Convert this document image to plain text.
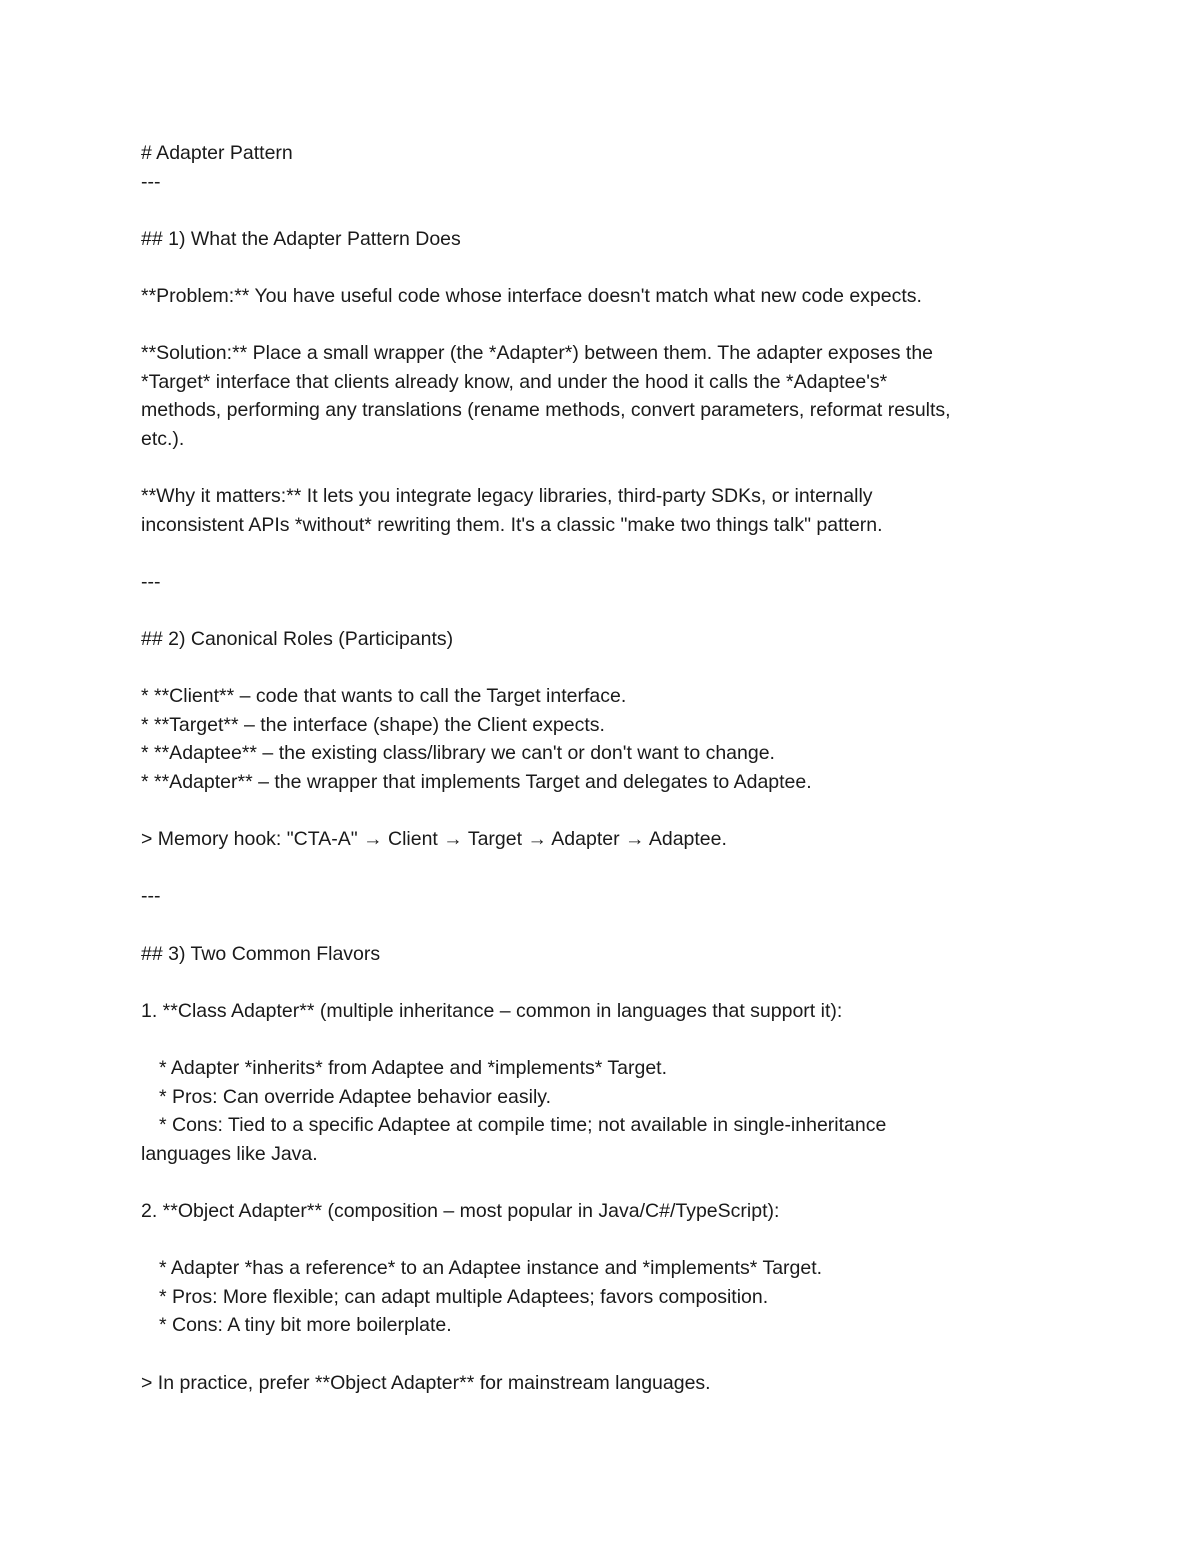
# Adapter Pattern
---
## 1) What the Adapter Pattern Does
**Problem:** You have useful code whose interface doesn't match what new code expects.
**Solution:** Place a small wrapper (the *Adapter*) between them. The adapter exposes the
*Target* interface that clients already know, and under the hood it calls the *Adaptee's*
methods, performing any translations (rename methods, convert parameters, reformat results,
etc.).
**Why it matters:** It lets you integrate legacy libraries, third-party SDKs, or internally
inconsistent APIs *without* rewriting them. It's a classic "make two things talk" pattern.
---
## 2) Canonical Roles (Participants)
* **Client** – code that wants to call the Target interface.
* **Target** – the interface (shape) the Client expects.
* **Adaptee** – the existing class/library we can't or don't want to change.
* **Adapter** – the wrapper that implements Target and delegates to Adaptee.
> Memory hook: "CTA-A" → Client → Target → Adapter → Adaptee.
---
## 3) Two Common Flavors
1. **Class Adapter** (multiple inheritance – common in languages that support it):
* Adapter *inherits* from Adaptee and *implements* Target.
* Pros: Can override Adaptee behavior easily.
* Cons: Tied to a specific Adaptee at compile time; not available in single-inheritance
languages like Java.
2. **Object Adapter** (composition – most popular in Java/C#/TypeScript):
* Adapter *has a reference* to an Adaptee instance and *implements* Target.
* Pros: More flexible; can adapt multiple Adaptees; favors composition.
* Cons: A tiny bit more boilerplate.
> In practice, prefer **Object Adapter** for mainstream languages.
